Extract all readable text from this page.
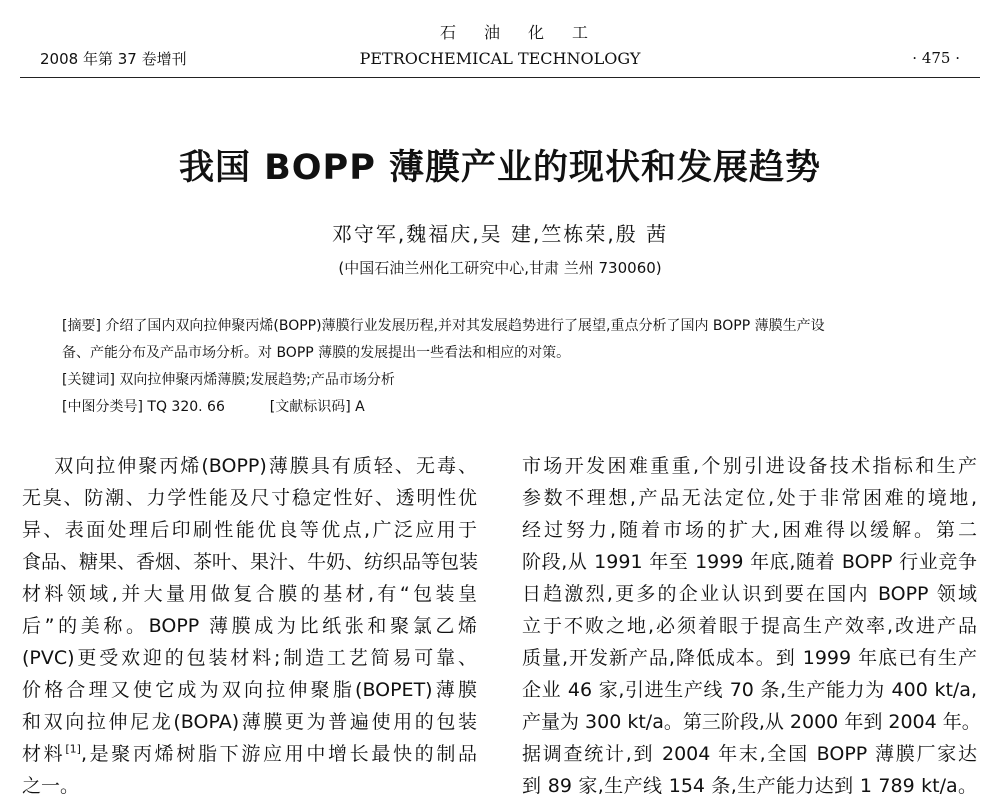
2008 年第 37 卷增刊
石油化工
PETROCHEMICAL TECHNOLOGY	· 475 ·
我国 BOPP 薄膜产业的现状和发展趋势
邓守军,魏福庆,吴 建,竺栋荣,殷 茜
(中国石油兰州化工研究中心,甘肃 兰州 730060)
[摘要] 介绍了国内双向拉伸聚丙烯(BOPP)薄膜行业发展历程,并对其发展趋势进行了展望,重点分析了国内 BOPP 薄膜生产设
备、产能分布及产品市场分析。对 BOPP 薄膜的发展提出一些看法和相应的对策。
[关键词] 双向拉伸聚丙烯薄膜;发展趋势;产品市场分析
[中图分类号] TQ 320. 66	[文献标识码] A
双向拉伸聚丙烯(BOPP)薄膜具有质轻、无毒、
无臭、防潮、力学性能及尺寸稳定性好、透明性优
异、表面处理后印刷性能优良等优点,广泛应用于
食品、糖果、香烟、茶叶、果汁、牛奶、纺织品等包装
材料领域,并大量用做复合膜的基材,有“包装皇
后”的美称。BOPP 薄膜成为比纸张和聚氯乙烯
(PVC)更受欢迎的包装材料;制造工艺简易可靠、
价格合理又使它成为双向拉伸聚脂(BOPET)薄膜
和双向拉伸尼龙(BOPA)薄膜更为普遍使用的包装
材料[1],是聚丙烯树脂下游应用中增长最快的制品
之一。
市场开发困难重重,个别引进设备技术指标和生产
参数不理想,产品无法定位,处于非常困难的境地,
经过努力,随着市场的扩大,困难得以缓解。第二
阶段,从 1991 年至 1999 年底,随着 BOPP 行业竞争
日趋激烈,更多的企业认识到要在国内 BOPP 领域
立于不败之地,必须着眼于提高生产效率,改进产品
质量,开发新产品,降低成本。到 1999 年底已有生产
企业 46 家,引进生产线 70 条,生产能力为 400 kt/a,
产量为 300 kt/a。第三阶段,从 2000 年到 2004 年。
据调查统计,到 2004 年末,全国 BOPP 薄膜厂家达
到 89 家,生产线 154 条,生产能力达到 1 789 kt/a。
